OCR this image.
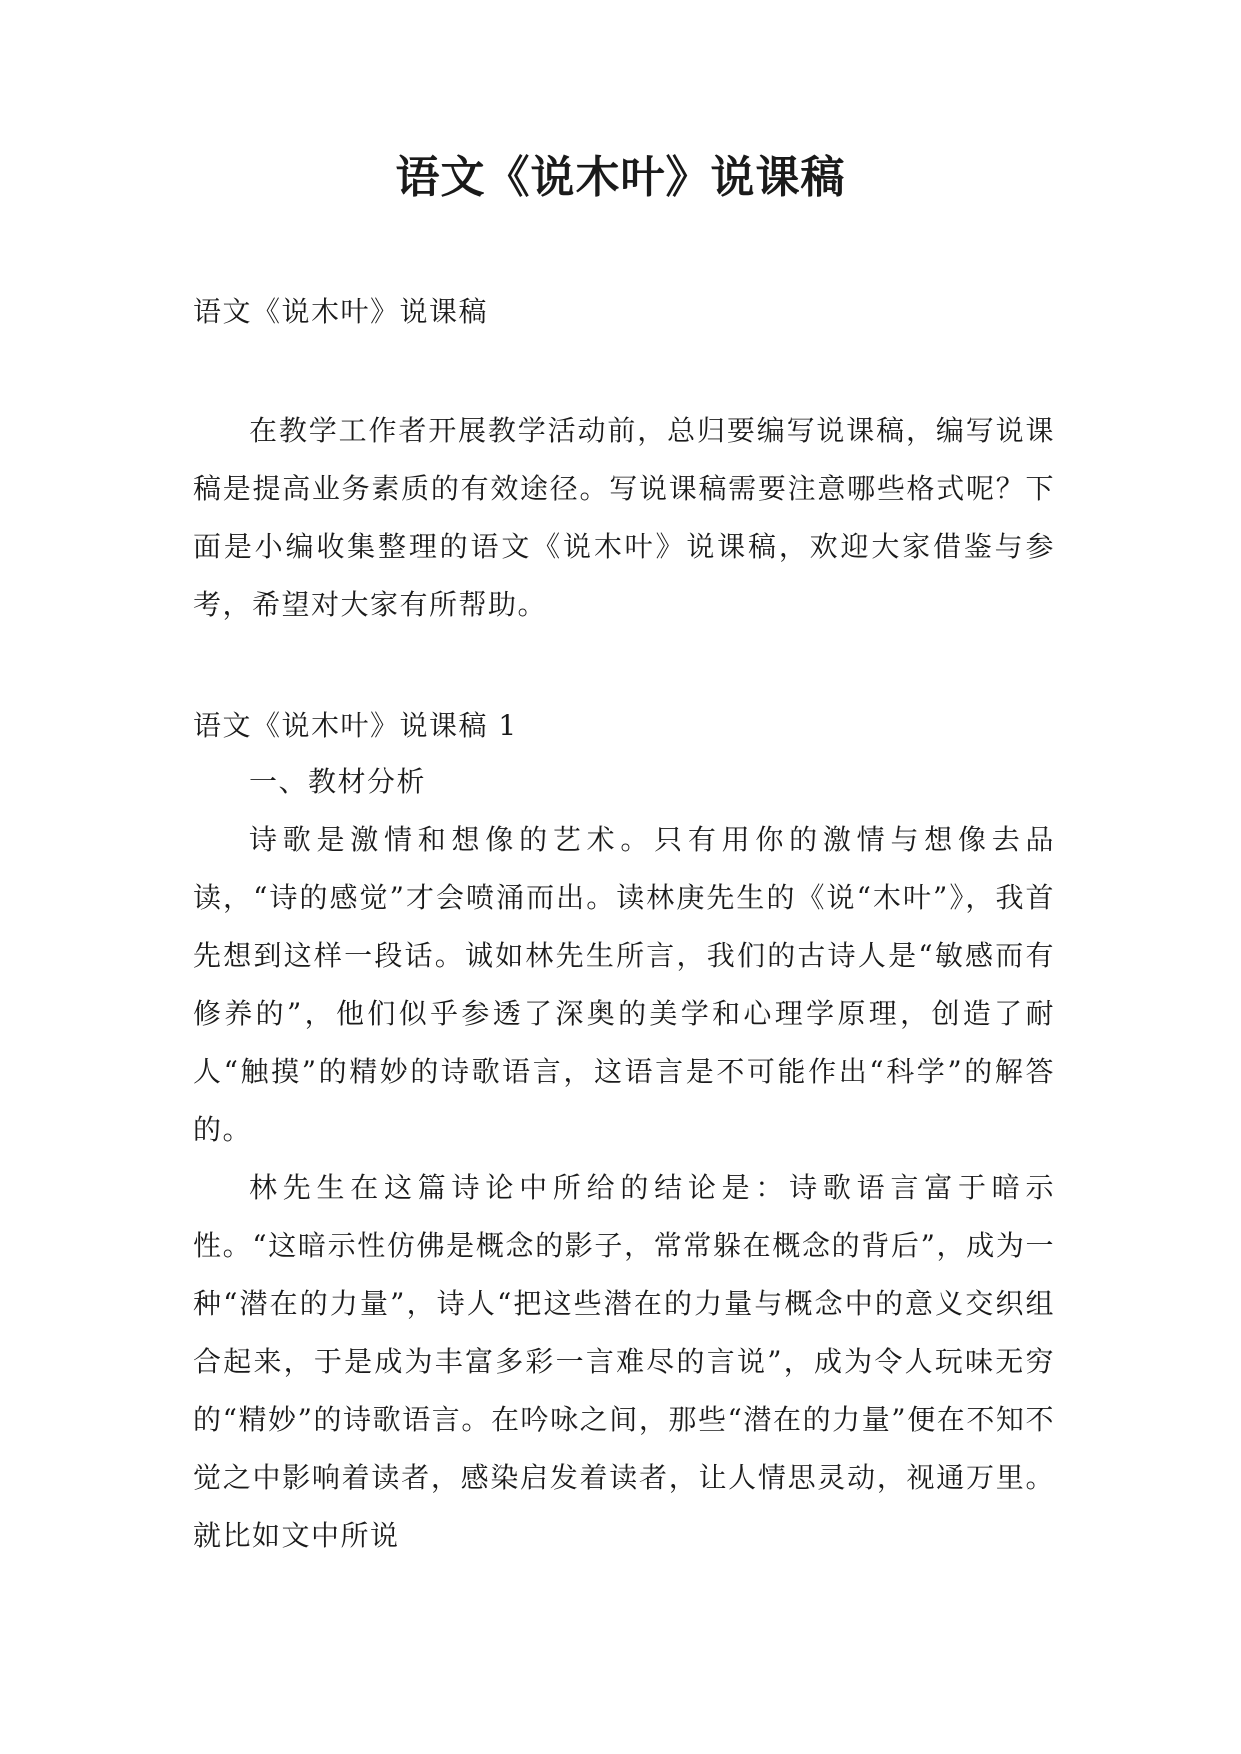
语文《说木叶》说课稿

语文《说木叶》说课稿

在教学工作者开展教学活动前，总归要编写说课稿，编写说课稿是提高业务素质的有效途径。写说课稿需要注意哪些格式呢？下面是小编收集整理的语文《说木叶》说课稿，欢迎大家借鉴与参考，希望对大家有所帮助。

语文《说木叶》说课稿 1

一、教材分析

诗歌是激情和想像的艺术。只有用你的激情与想像去品读，“诗的感觉”才会喷涌而出。读林庚先生的《说“木叶”》，我首先想到这样一段话。诚如林先生所言，我们的古诗人是“敏感而有修养的”，他们似乎参透了深奥的美学和心理学原理，创造了耐人“触摸”的精妙的诗歌语言，这语言是不可能作出“科学”的解答的。

林先生在这篇诗论中所给的结论是：诗歌语言富于暗示性。“这暗示性仿佛是概念的影子，常常躲在概念的背后”，成为一种“潜在的力量”，诗人“把这些潜在的力量与概念中的意义交织组合起来，于是成为丰富多彩一言难尽的言说”，成为令人玩味无穷的“精妙”的诗歌语言。在吟咏之间，那些“潜在的力量”便在不知不觉之中影响着读者，感染启发着读者，让人情思灵动，视通万里。就比如文中所说
